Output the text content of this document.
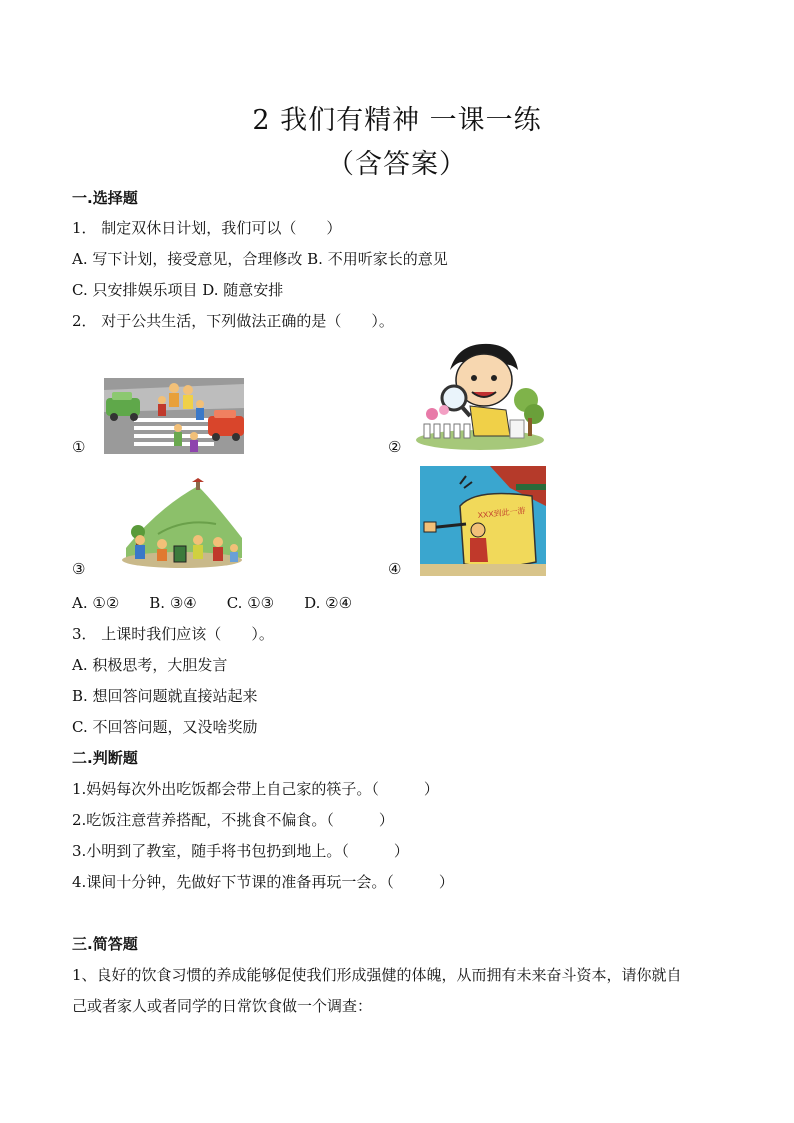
2 我们有精神 一课一练
（含答案）
一.选择题
1． 制定双休日计划，我们可以（　　）
A. 写下计划，接受意见，合理修改 B. 不用听家长的意见
C. 只安排娱乐项目 D. 随意安排
2． 对于公共生活，下列做法正确的是（　　）。
①	②
③	④
XXX到此一游
A. ①②　　B. ③④　　C. ①③　　D. ②④
3． 上课时我们应该（　　）。
A. 积极思考，大胆发言
B. 想回答问题就直接站起来
C. 不回答问题，又没啥奖励
二.判断题
1.妈妈每次外出吃饭都会带上自己家的筷子。（　　　）
2.吃饭注意营养搭配，不挑食不偏食。（　　　）
3.小明到了教室，随手将书包扔到地上。（　　　）
4.课间十分钟，先做好下节课的准备再玩一会。（　　　）
三.简答题
1、良好的饮食习惯的养成能够促使我们形成强健的体魄，从而拥有未来奋斗资本，请你就自
己或者家人或者同学的日常饮食做一个调查：
